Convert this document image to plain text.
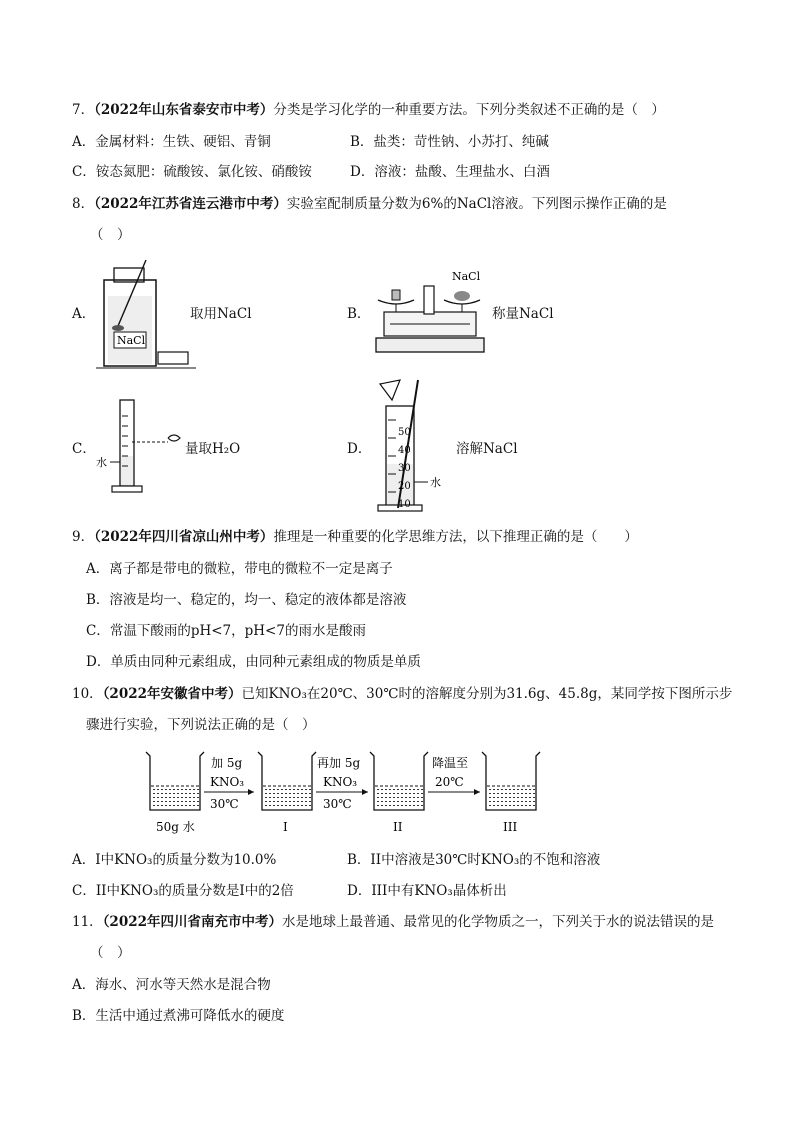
7．（2022年山东省泰安市中考）分类是学习化学的一种重要方法。下列分类叙述不正确的是（　）
A．金属材料：生铁、硬铝、青铜	B．盐类：苛性钠、小苏打、纯碱
C．铵态氮肥：硫酸铵、氯化铵、硝酸铵	D．溶液：盐酸、生理盐水、白酒
8．（2022年江苏省连云港市中考）实验室配制质量分数为6%的NaCl溶液。下列图示操作正确的是
（　）
A．
NaCl
取用NaCl	B．
NaCl
称量NaCl
C．
水
量取H₂O	D．
50
40
30
20
10
水
溶解NaCl
9．（2022年四川省凉山州中考）推理是一种重要的化学思维方法，以下推理正确的是（　　）
A．离子都是带电的微粒，带电的微粒不一定是离子
B．溶液是均一、稳定的，均一、稳定的液体都是溶液
C．常温下酸雨的pH<7，pH<7的雨水是酸雨
D．单质由同种元素组成，由同种元素组成的物质是单质
10．（2022年安徽省中考）已知KNO₃在20℃、30℃时的溶解度分别为31.6g、45.8g，某同学按下图所示步
骤进行实验，下列说法正确的是（　）
50g 水
加 5g
KNO₃
30℃
I
再加 5g
KNO₃
30℃
II
降温至
20℃
III
A．I中KNO₃的质量分数为10.0%	B．II中溶液是30℃时KNO₃的不饱和溶液
C．II中KNO₃的质量分数是I中的2倍	D．III中有KNO₃晶体析出
11．（2022年四川省南充市中考）水是地球上最普通、最常见的化学物质之一，下列关于水的说法错误的是
（　）
A．海水、河水等天然水是混合物
B．生活中通过煮沸可降低水的硬度
